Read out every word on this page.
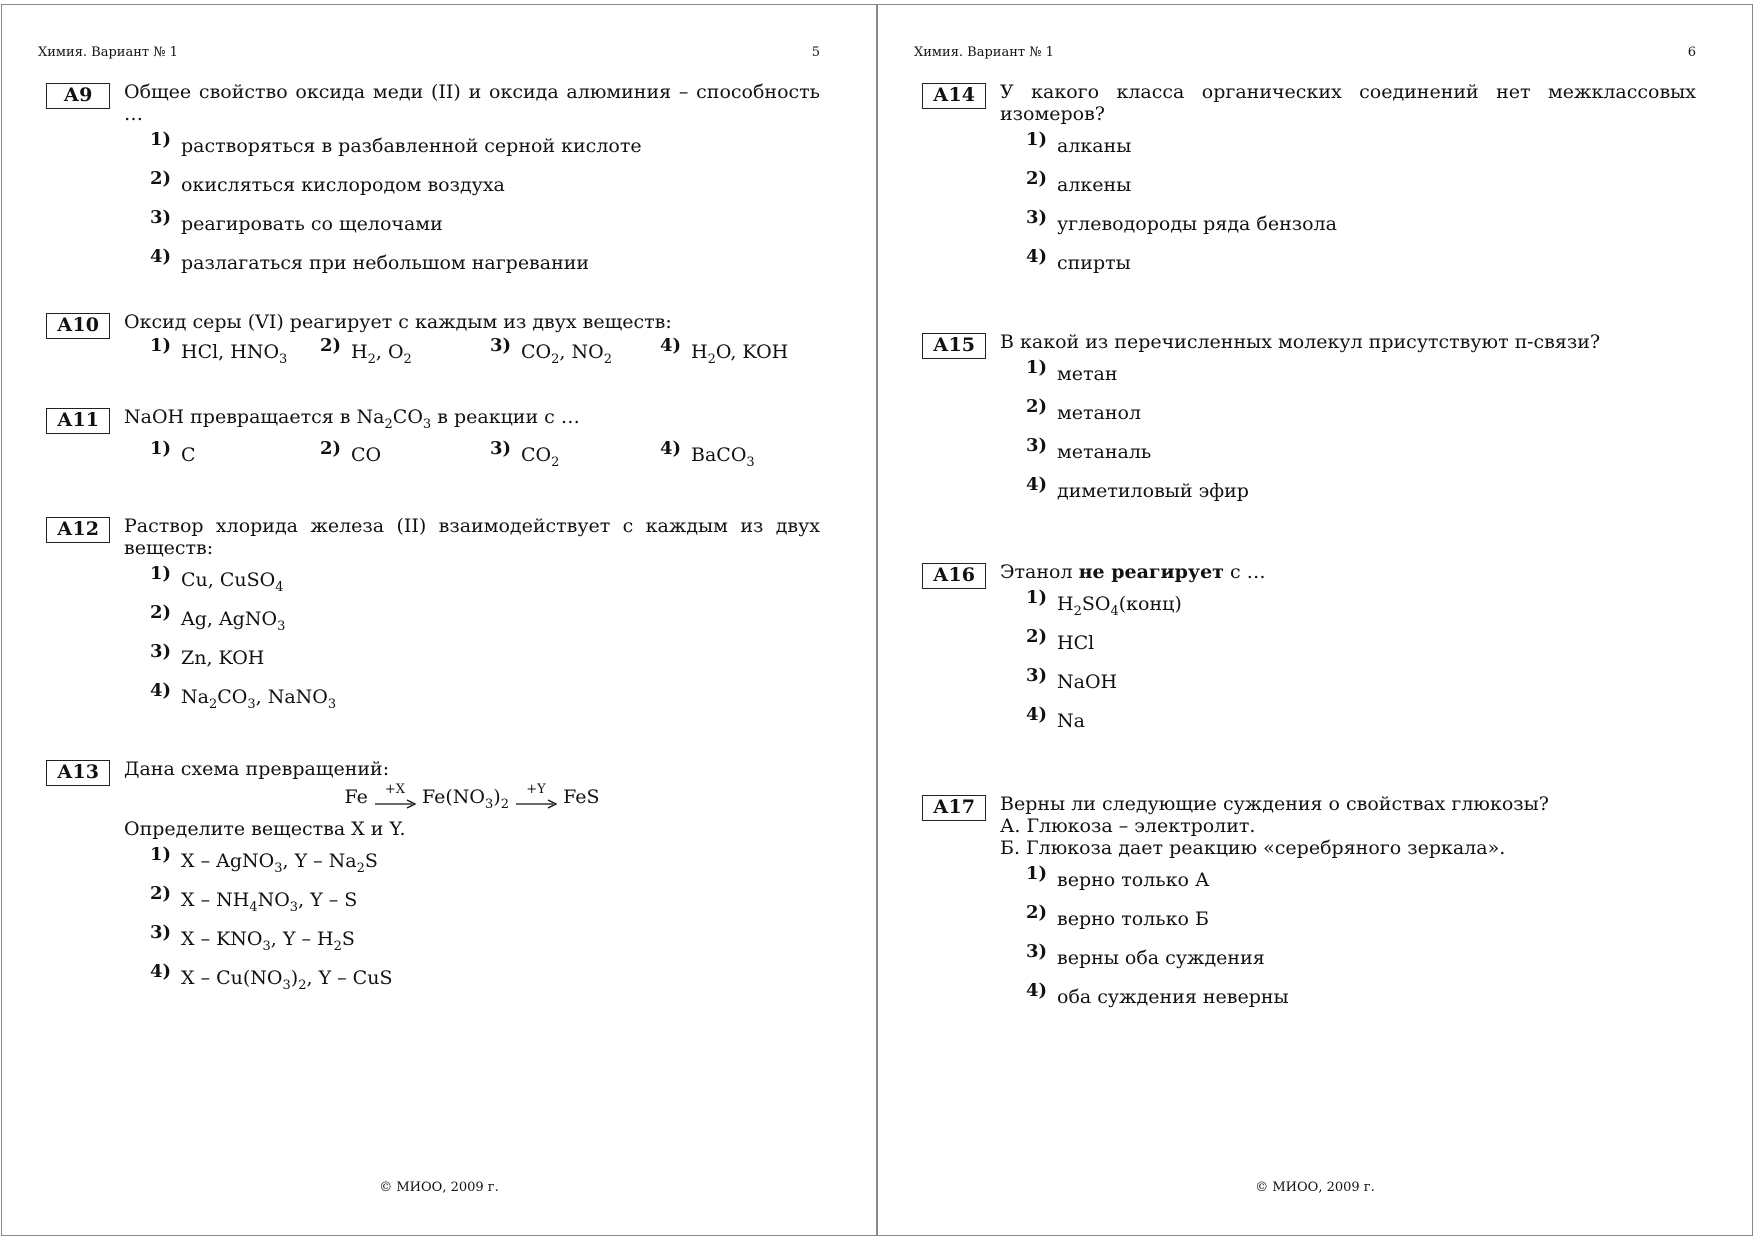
Химия. Вариант № 1	5
А9	Общее свойство оксида меди (II) и оксида алюминия – способность …
1) растворяться в разбавленной серной кислоте
2) окисляться кислородом воздуха
3) реагировать со щелочами
4) разлагаться при небольшом нагревании
А10	Оксид серы (VI) реагирует с каждым из двух веществ:
1) HCl, $HNO_3$
2) $H_2$, $O_2$
3) $CO_2$, $NO_2$
4) $H_2O$, KOH
А11	NaOH превращается в $Na_2CO_3$ в реакции с …
1) C	2) CO	3) $CO_2$
4) BaCO$_3$
А12	Раствор хлорида железа (II) взаимодействует с каждым из двух веществ:
1) Cu, CuSO$_4$
2) Ag, AgNO$_3$
3) Zn, KOH
4) $Na_2CO_3$, NaNO$_3$
А13	Дана схема превращений:
Fe	+X $Fe(NO_3)_2$
+Y FeS
Определите вещества X и Y.
1) X – AgNO$_3$, Y – $Na_2S$
2) X – $NH_4NO_3$, Y – S
3) X – $KNO_3$, Y – $H_2S$
4) X – $Cu(NO_3)_2$, Y – CuS
© МИОО, 2009 г.
Химия. Вариант № 1	6
А14	У какого класса органических соединений нет межклассовых изомеров?
1) алканы
2) алкены
3) углеводороды ряда бензола
4) спирты
А15	В какой из перечисленных молекул присутствуют π-связи?
1) метан
2) метанол
3) метаналь
4) диметиловый эфир
А16	Этанол не реагирует с …
1) $H_2SO_4(конц)$
2) HCl
3) NaOH
4) Na
А17	Верны ли следующие суждения о свойствах глюкозы?
А. Глюкоза – электролит.
Б. Глюкоза дает реакцию «серебряного зеркала».
1) верно только А
2) верно только Б
3) верны оба суждения
4) оба суждения неверны
© МИОО, 2009 г.
